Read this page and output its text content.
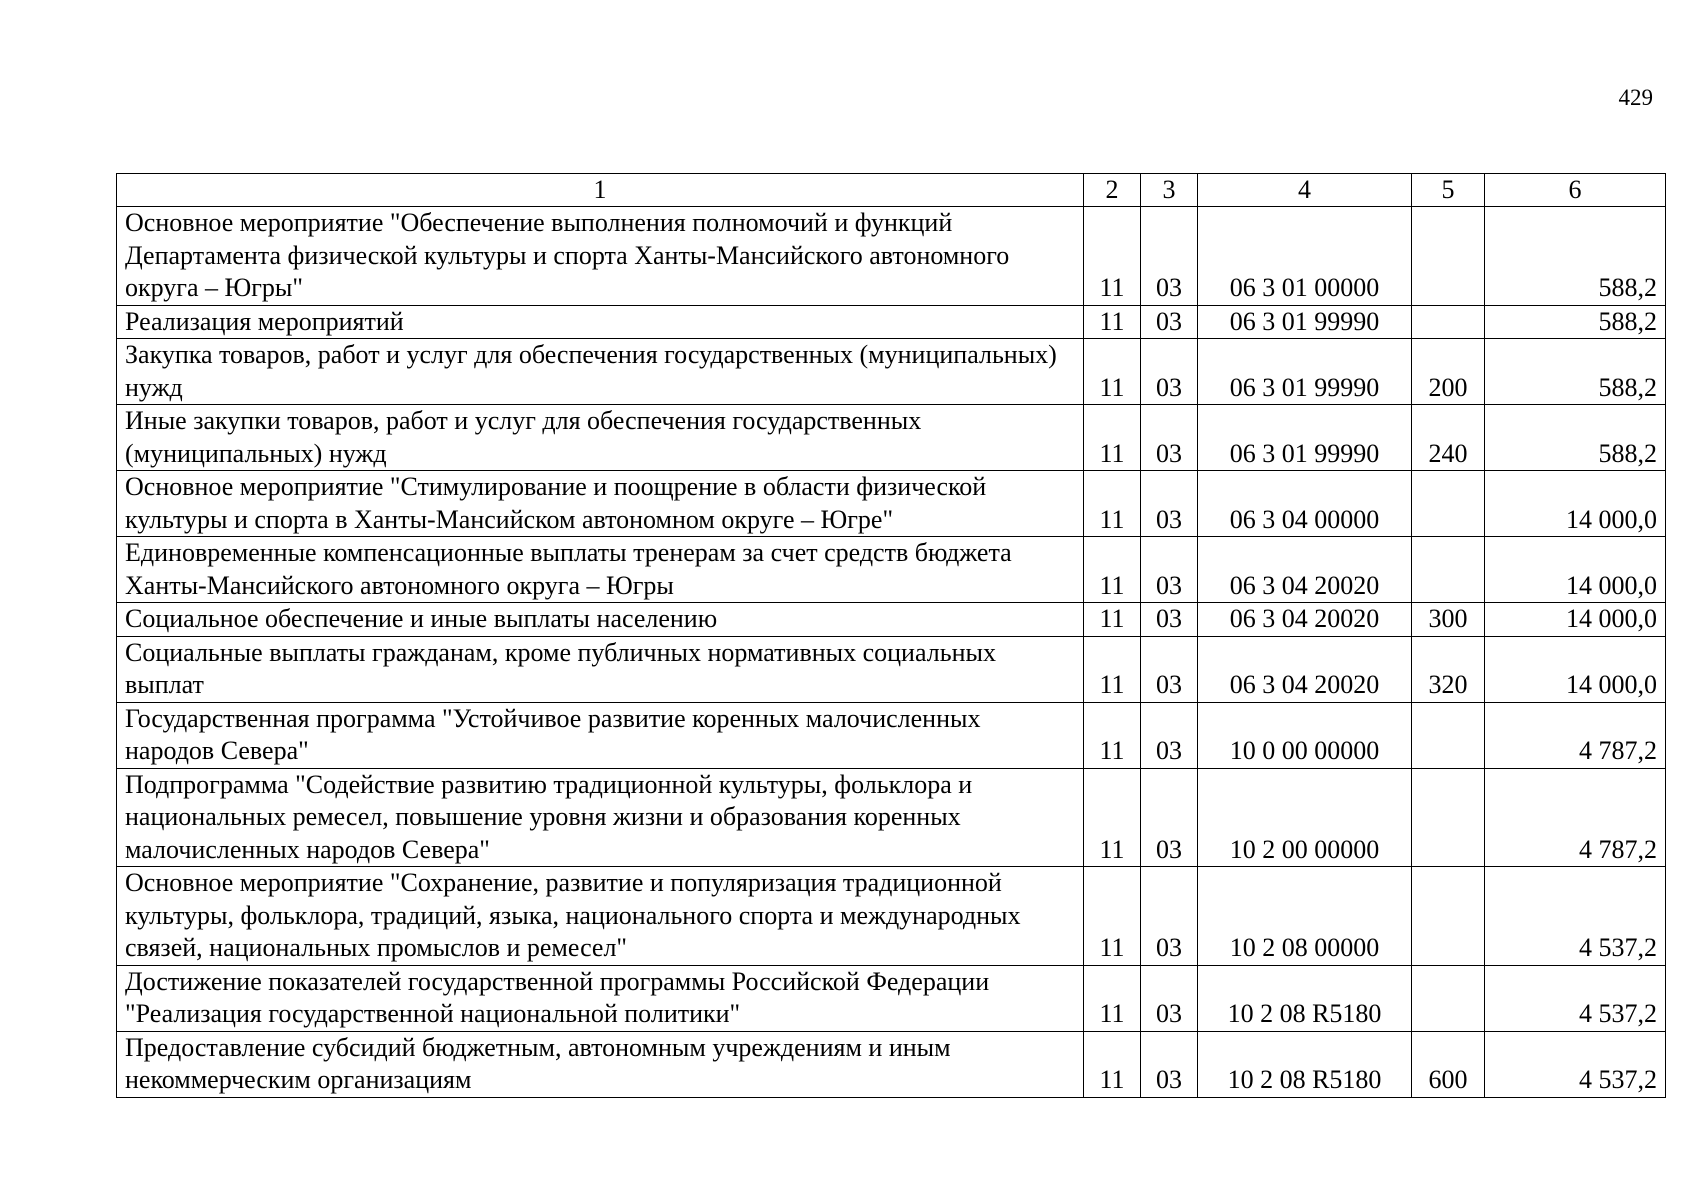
429
1	2	3	4	5	6
Основное мероприятие "Обеспечение выполнения полномочий и функций Департамента физической культуры и спорта Ханты-Мансийского автономного округа – Югры"	11	03	06 3 01 00000		588,2
Реализация мероприятий	11	03	06 3 01 99990		588,2
Закупка товаров, работ и услуг для обеспечения государственных (муниципальных) нужд	11	03	06 3 01 99990	200	588,2
Иные закупки товаров, работ и услуг для обеспечения государственных (муниципальных) нужд	11	03	06 3 01 99990	240	588,2
Основное мероприятие "Стимулирование и поощрение в области физической культуры и спорта в Ханты-Мансийском автономном округе – Югре"	11	03	06 3 04 00000		14 000,0
Единовременные компенсационные выплаты тренерам за счет средств бюджета Ханты-Мансийского автономного округа – Югры	11	03	06 3 04 20020		14 000,0
Социальное обеспечение и иные выплаты населению	11	03	06 3 04 20020	300	14 000,0
Социальные выплаты гражданам, кроме публичных нормативных социальных выплат	11	03	06 3 04 20020	320	14 000,0
Государственная программа "Устойчивое развитие коренных малочисленных народов Севера"	11	03	10 0 00 00000		4 787,2
Подпрограмма "Содействие развитию традиционной культуры, фольклора и национальных ремесел, повышение уровня жизни и образования коренных малочисленных народов Севера"	11	03	10 2 00 00000		4 787,2
Основное мероприятие "Сохранение, развитие и популяризация традиционной культуры, фольклора, традиций, языка, национального спорта и международных связей, национальных промыслов и ремесел"	11	03	10 2 08 00000		4 537,2
Достижение показателей государственной программы Российской Федерации "Реализация государственной национальной политики"	11	03	10 2 08 R5180		4 537,2
Предоставление субсидий бюджетным, автономным учреждениям и иным некоммерческим организациям	11	03	10 2 08 R5180	600	4 537,2
